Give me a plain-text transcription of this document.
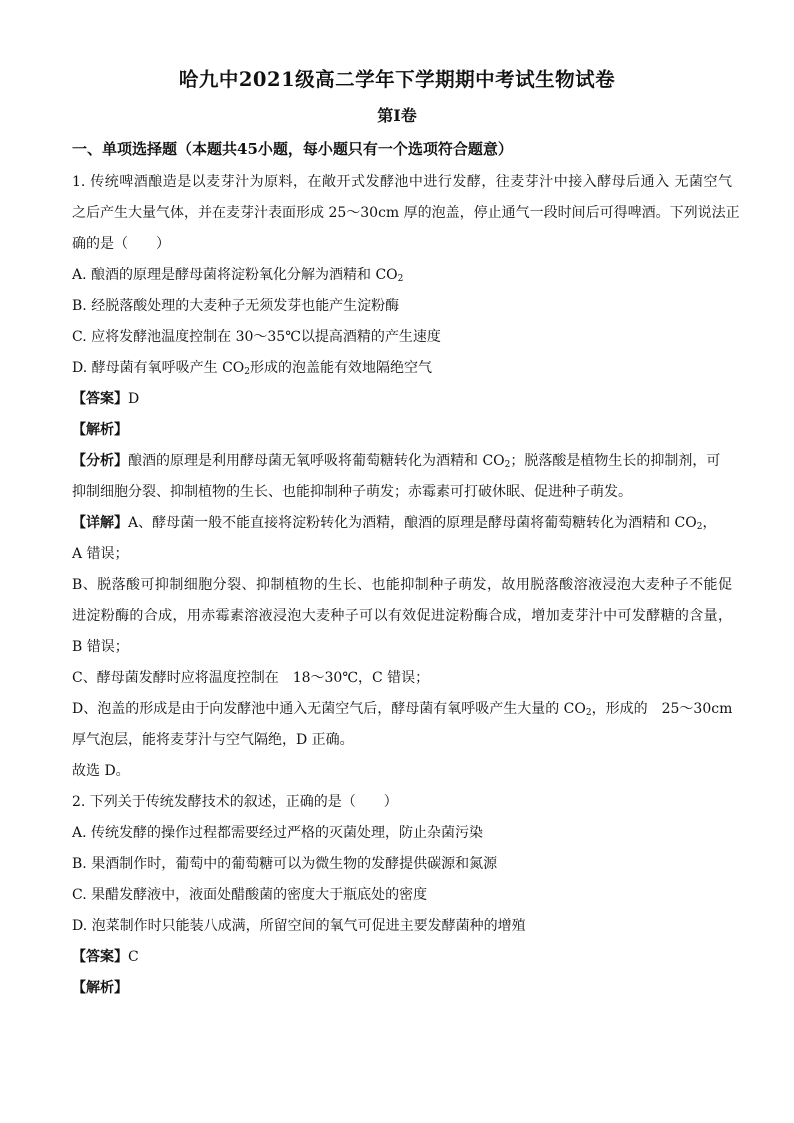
哈九中2021级高二学年下学期期中考试生物试卷
第Ⅰ卷
一、单项选择题（本题共45小题，每小题只有一个选项符合题意）
1. 传统啤酒酿造是以麦芽汁为原料，在敞开式发酵池中进行发酵，往麦芽汁中接入酵母后通入 无菌空气
之后产生大量气体，并在麦芽汁表面形成 25～30cm 厚的泡盖，停止通气一段时间后可得啤酒。下列说法正
确的是（　　）
A. 酿酒的原理是酵母菌将淀粉氧化分解为酒精和 $CO_2$
B. 经脱落酸处理的大麦种子无须发芽也能产生淀粉酶
C. 应将发酵池温度控制在 30～35℃以提高酒精的产生速度
D. 酵母菌有氧呼吸产生 $CO_2$形成的泡盖能有效地隔绝空气
【答案】D
【解析】
【分析】酿酒的原理是利用酵母菌无氧呼吸将葡萄糖转化为酒精和 $CO_2$；脱落酸是植物生长的抑制剂，可
抑制细胞分裂、抑制植物的生长、也能抑制种子萌发；赤霉素可打破休眠、促进种子萌发。
【详解】A、酵母菌一般不能直接将淀粉转化为酒精，酿酒的原理是酵母菌将葡萄糖转化为酒精和 $CO_2$，
A 错误；
B、脱落酸可抑制细胞分裂、抑制植物的生长、也能抑制种子萌发，故用脱落酸溶液浸泡大麦种子不能促
进淀粉酶的合成，用赤霉素溶液浸泡大麦种子可以有效促进淀粉酶合成，增加麦芽汁中可发酵糖的含量，
B 错误；
C、酵母菌发酵时应将温度控制在　18～30℃，C 错误；
D、泡盖的形成是由于向发酵池中通入无菌空气后，酵母菌有氧呼吸产生大量的 $CO_2$，形成的　25～30cm
厚气泡层，能将麦芽汁与空气隔绝，D 正确。
故选 D。
2. 下列关于传统发酵技术的叙述，正确的是（　　）
A. 传统发酵的操作过程都需要经过严格的灭菌处理，防止杂菌污染
B. 果酒制作时，葡萄中的葡萄糖可以为微生物的发酵提供碳源和氮源
C. 果醋发酵液中，液面处醋酸菌的密度大于瓶底处的密度
D. 泡菜制作时只能装八成满，所留空间的氧气可促进主要发酵菌种的增殖
【答案】C
【解析】
